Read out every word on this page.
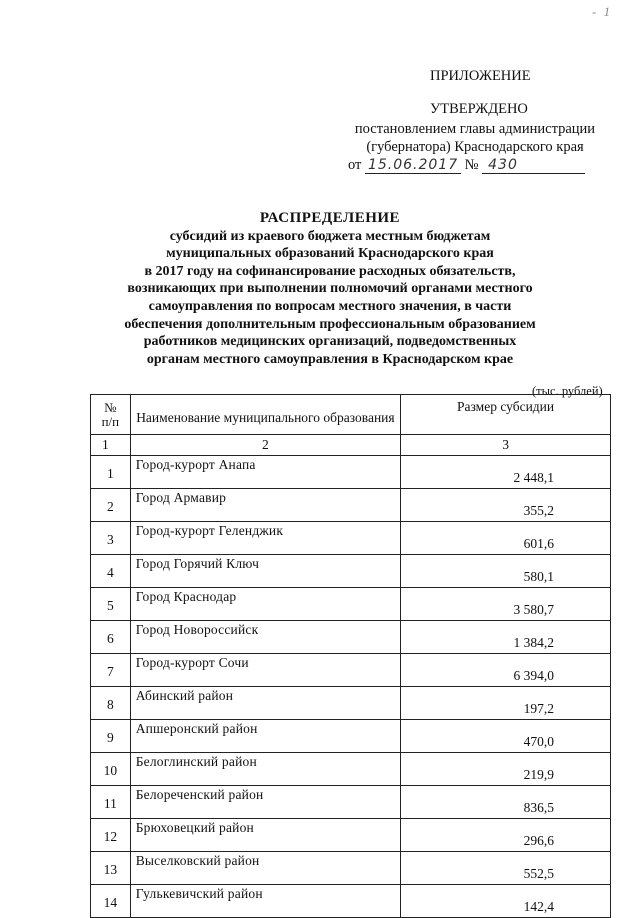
- 1
ПРИЛОЖЕНИЕ
УТВЕРЖДЕНО
постановлением главы администрации
(губернатора) Краснодарского края
от 15.06.2017 № 430
РАСПРЕДЕЛЕНИЕ
субсидий из краевого бюджета местным бюджетам
муниципальных образований Краснодарского края
в 2017 году на софинансирование расходных обязательств,
возникающих при выполнении полномочий органами местного
самоуправления по вопросам местного значения, в части
обеспечения дополнительным профессиональным образованием
работников медицинских организаций, подведомственных
органам местного самоуправления в Краснодарском крае
(тыс. рублей)
№
п/п	Наименование муниципального образования	Размер субсидии
1	2	3
1	Город-курорт Анапа	2 448,1
2	Город Армавир	355,2
3	Город-курорт Геленджик	601,6
4	Город Горячий Ключ	580,1
5	Город Краснодар	3 580,7
6	Город Новороссийск	1 384,2
7	Город-курорт Сочи	6 394,0
8	Абинский район	197,2
9	Апшеронский район	470,0
10	Белоглинский район	219,9
11	Белореченский район	836,5
12	Брюховецкий район	296,6
13	Выселковский район	552,5
14	Гулькевичский район	142,4
